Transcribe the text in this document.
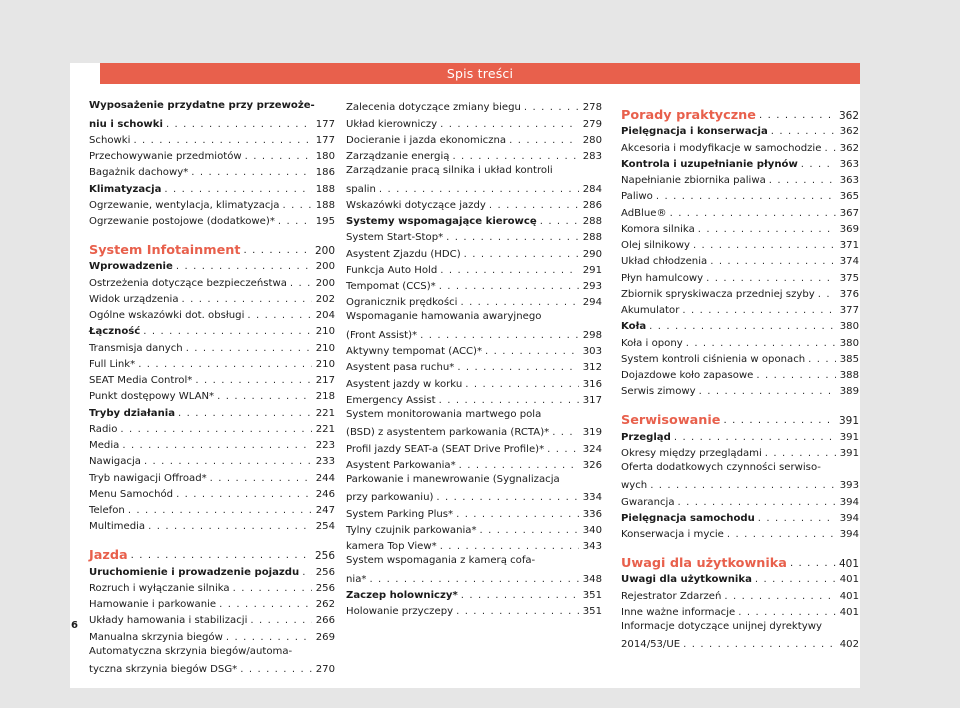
Spis treści
Wyposażenie przydatne przy przewoże-
niu i schowki . . .	177
Schowki . . .	177
Przechowywanie przedmiotów . . .	180
Bagażnik dachowy* . . .	186
Klimatyzacja . . .	188
Ogrzewanie, wentylacja, klimatyzacja . . .	188
Ogrzewanie postojowe (dodatkowe)* . . .	195
System Infotainment . . .	200
Wprowadzenie . . .	200
Ostrzeżenia dotyczące bezpieczeństwa . . .	200
Widok urządzenia . . .	202
Ogólne wskazówki dot. obsługi . . .	204
Łączność . . .	210
Transmisja danych . . .	210
Full Link* . . .	210
SEAT Media Control* . . .	217
Punkt dostępowy WLAN* . . .	218
Tryby działania . . .	221
Radio . . .	221
Media . . .	223
Nawigacja . . .	233
Tryb nawigacji Offroad* . . .	244
Menu Samochód . . .	246
Telefon . . .	247
Multimedia . . .	254
Jazda . . .	256
Uruchomienie i prowadzenie pojazdu . . . 256
Rozruch i wyłączanie silnika . . .	256
Hamowanie i parkowanie . . .	262
Układy hamowania i stabilizacji . . .	266
Manualna skrzynia biegów . . .	269
Automatyczna skrzynia biegów/automa-
tyczna skrzynia biegów DSG* . . .	270
Zalecenia dotyczące zmiany biegu . . .	278
Układ kierowniczy . . .	279
Docieranie i jazda ekonomiczna . . .	280
Zarządzanie energią . . .	283
Zarządzanie pracą silnika i układ kontroli
spalin . . .	284
Wskazówki dotyczące jazdy . . .	286
Systemy wspomagające kierowcę . . .	288
System Start-Stop* . . .	288
Asystent Zjazdu (HDC) . . .	290
Funkcja Auto Hold . . .	291
Tempomat (CCS)* . . .	293
Ogranicznik prędkości . . .	294
Wspomaganie hamowania awaryjnego
(Front Assist)* . . .	298
Aktywny tempomat (ACC)* . . .	303
Asystent pasa ruchu* . . .	312
Asystent jazdy w korku . . .	316
Emergency Assist . . .	317
System monitorowania martwego pola
(BSD) z asystentem parkowania (RCTA)* . . .	319
Profil jazdy SEAT-a (SEAT Drive Profile)* . . .	324
Asystent Parkowania* . . .	326
Parkowanie i manewrowanie (Sygnalizacja
przy parkowaniu) . . .	334
System Parking Plus* . . .	336
Tylny czujnik parkowania* . . .	340
kamera Top View* . . .	343
System wspomagania z kamerą cofa-
nia* . . .	348
Zaczep holowniczy* . . .	351
Holowanie przyczepy . . .	351
Porady praktyczne . . .	362
Pielęgnacja i konserwacja . . .	362
Akcesoria i modyfikacje w samochodzie . . . 362
Kontrola i uzupełnianie płynów . . .	363
Napełnianie zbiornika paliwa . . .	363
Paliwo . . .	365
AdBlue® . . .	367
Komora silnika . . .	369
Olej silnikowy . . .	371
Układ chłodzenia . . .	374
Płyn hamulcowy . . .	375
Zbiornik spryskiwacza przedniej szyby . . . 376
Akumulator . . .	377
Koła . . .	380
Koła i opony . . .	380
System kontroli ciśnienia w oponach . . .	385
Dojazdowe koło zapasowe . . .	388
Serwis zimowy . . .	389
Serwisowanie . . .	391
Przegląd . . .	391
Okresy między przeglądami . . .	391
Oferta dodatkowych czynności serwiso-
wych . . .	393
Gwarancja . . .	394
Pielęgnacja samochodu . . .	394
Konserwacja i mycie . . .	394
Uwagi dla użytkownika . . .	401
Uwagi dla użytkownika . . .	401
Rejestrator Zdarzeń . . .	401
Inne ważne informacje . . .	401
Informacje dotyczące unijnej dyrektywy
2014/53/UE . . .	402
6
